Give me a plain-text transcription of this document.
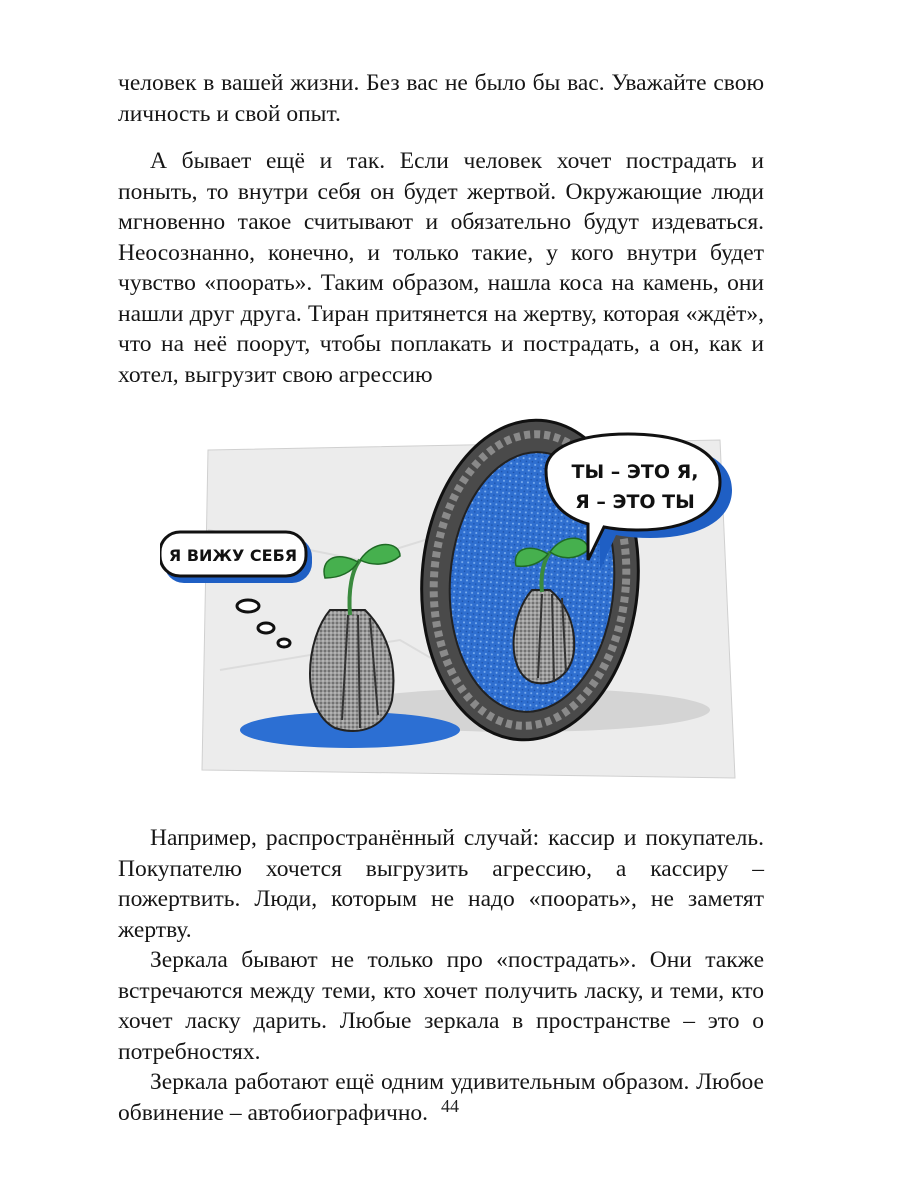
человек в вашей жизни. Без вас не было бы вас. Уважайте свою личность и свой опыт.

А бывает ещё и так. Если человек хочет пострадать и поныть, то внутри себя он будет жертвой. Окружающие люди мгновенно такое считывают и обязательно будут издеваться. Неосознанно, конечно, и только такие, у кого внутри будет чувство «поорать». Таким образом, нашла коса на камень, они нашли друг друга. Тиран притянется на жертву, которая «ждёт», что на неё поорут, чтобы поплакать и пострадать, а он, как и хотел, выгрузит свою агрессию

Я ВИЖУ СЕБЯ
ТЫ – ЭТО Я,
Я – ЭТО ТЫ

Например, распространённый случай: кассир и покупатель. Покупателю хочется выгрузить агрессию, а кассиру – пожертвить. Люди, которым не надо «поорать», не заметят жертву.

Зеркала бывают не только про «пострадать». Они также встречаются между теми, кто хочет получить ласку, и теми, кто хочет ласку дарить. Любые зеркала в пространстве – это о потребностях.

Зеркала работают ещё одним удивительным образом. Любое обвинение – автобиографично. 44
